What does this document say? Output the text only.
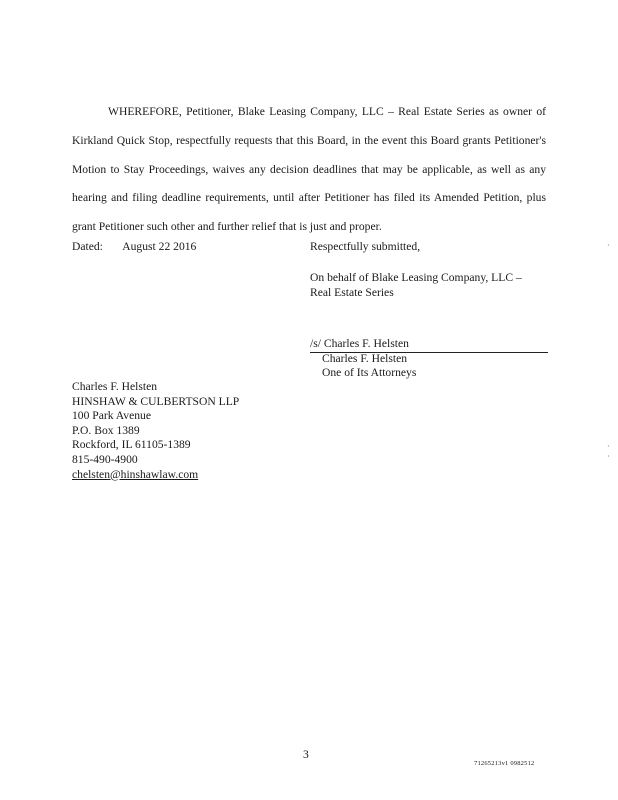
WHEREFORE, Petitioner, Blake Leasing Company, LLC – Real Estate Series as owner of Kirkland Quick Stop, respectfully requests that this Board, in the event this Board grants Petitioner's Motion to Stay Proceedings, waives any decision deadlines that may be applicable, as well as any hearing and filing deadline requirements, until after Petitioner has filed its Amended Petition, plus grant Petitioner such other and further relief that is just and proper.

Dated: August 22 2016	Respectfully submitted,

On behalf of Blake Leasing Company, LLC –
Real Estate Series
/s/ Charles F. Helsten
Charles F. Helsten
One of Its Attorneys
Charles F. Helsten
HINSHAW & CULBERTSON LLP
100 Park Avenue
P.O. Box 1389
Rockford, IL 61105-1389
815-490-4900
chelsten@hinshawlaw.com
·
·
·
3
71265213v1 0982512
